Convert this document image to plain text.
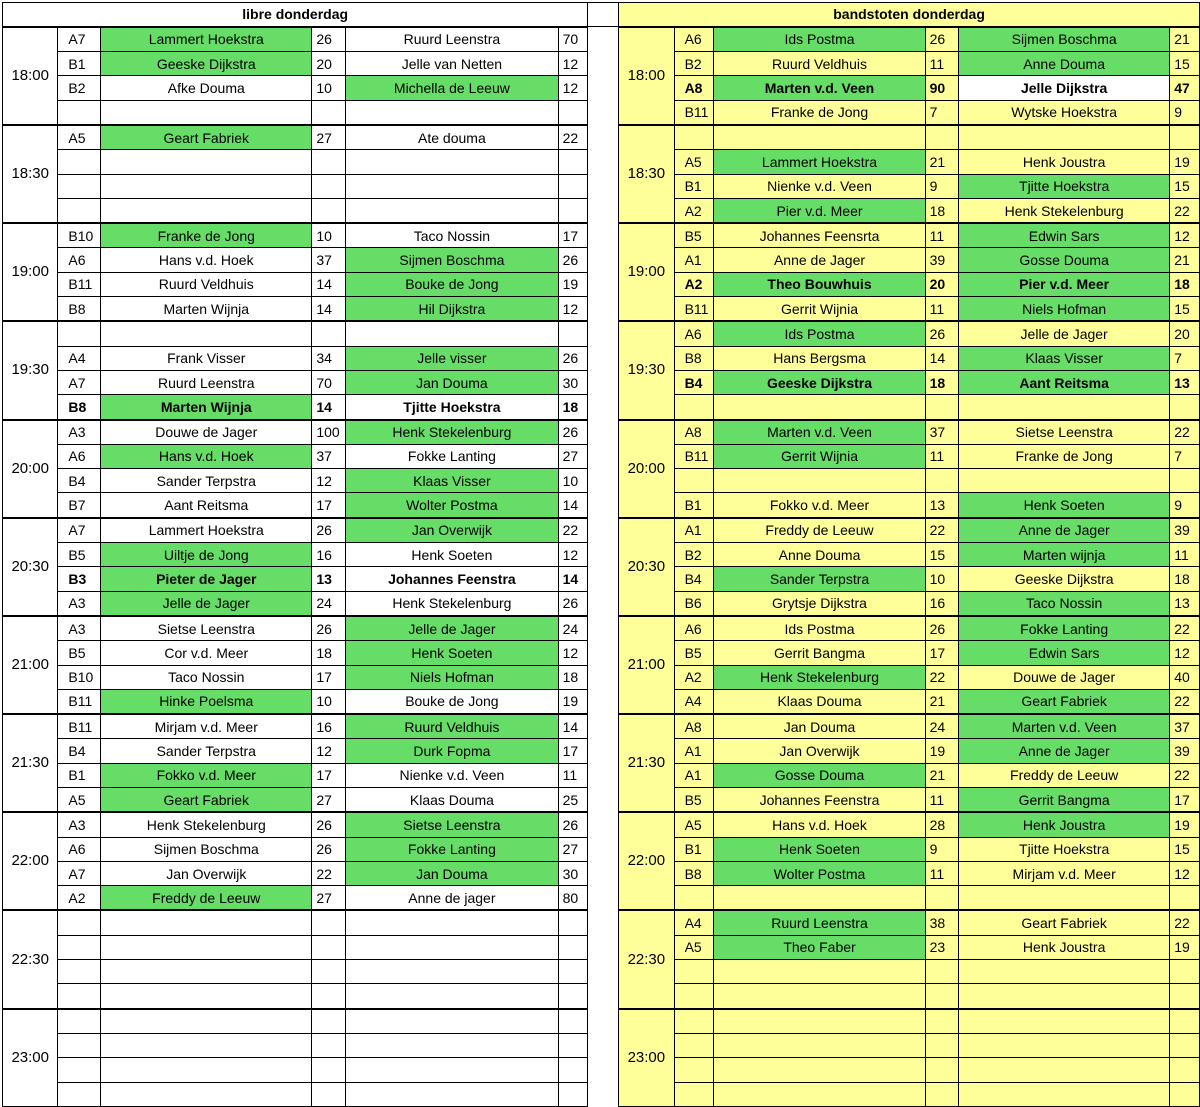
libre donderdag							bandstoten donderdag					
18:00	A7	Lammert Hoekstra	26	Ruurd Leenstra	70		18:00	A6	Ids Postma	26	Sijmen Boschma	21
	B1	Geeske Dijkstra	20	Jelle van Netten	12			B2	Ruurd Veldhuis	11	Anne Douma	15
	B2	Afke Douma	10	Michella de Leeuw	12			A8	Marten v.d. Veen	90	Jelle Dijkstra	47
								B11	Franke de Jong	7	Wytske Hoekstra	9
18:30	A5	Geart Fabriek	27	Ate douma	22		18:30					
								A5	Lammert Hoekstra	21	Henk Joustra	19
								B1	Nienke v.d. Veen	9	Tjitte Hoekstra	15
								A2	Pier v.d. Meer	18	Henk Stekelenburg	22
19:00	B10	Franke de Jong	10	Taco Nossin	17		19:00	B5	Johannes Feensrta	11	Edwin Sars	12
	A6	Hans v.d. Hoek	37	Sijmen Boschma	26			A1	Anne de Jager	39	Gosse Douma	21
	B11	Ruurd Veldhuis	14	Bouke de Jong	19			A2	Theo Bouwhuis	20	Pier v.d. Meer	18
	B8	Marten Wijnja	14	Hil Dijkstra	12			B11	Gerrit Wijnia	11	Niels Hofman	15
19:30							19:30	A6	Ids Postma	26	Jelle de Jager	20
	A4	Frank Visser	34	Jelle visser	26			B8	Hans Bergsma	14	Klaas Visser	7
	A7	Ruurd Leenstra	70	Jan Douma	30			B4	Geeske Dijkstra	18	Aant Reitsma	13
	B8	Marten Wijnja	14	Tjitte Hoekstra	18							
20:00	A3	Douwe de Jager	100	Henk Stekelenburg	26		20:00	A8	Marten v.d. Veen	37	Sietse Leenstra	22
	A6	Hans v.d. Hoek	37	Fokke Lanting	27			B11	Gerrit Wijnia	11	Franke de Jong	7
	B4	Sander Terpstra	12	Klaas Visser	10							
	B7	Aant Reitsma	17	Wolter Postma	14			B1	Fokko v.d. Meer	13	Henk Soeten	9
20:30	A7	Lammert Hoekstra	26	Jan Overwijk	22		20:30	A1	Freddy de Leeuw	22	Anne de Jager	39
	B5	Uiltje de Jong	16	Henk Soeten	12			B2	Anne Douma	15	Marten wijnja	11
	B3	Pieter de Jager	13	Johannes Feenstra	14			B4	Sander Terpstra	10	Geeske Dijkstra	18
	A3	Jelle de Jager	24	Henk Stekelenburg	26			B6	Grytsje Dijkstra	16	Taco Nossin	13
21:00	A3	Sietse Leenstra	26	Jelle de Jager	24		21:00	A6	Ids Postma	26	Fokke Lanting	22
	B5	Cor v.d. Meer	18	Henk Soeten	12			B5	Gerrit Bangma	17	Edwin Sars	12
	B10	Taco Nossin	17	Niels Hofman	18			A2	Henk Stekelenburg	22	Douwe de Jager	40
	B11	Hinke Poelsma	10	Bouke de Jong	19			A4	Klaas Douma	21	Geart Fabriek	22
21:30	B11	Mirjam v.d. Meer	16	Ruurd Veldhuis	14		21:30	A8	Jan Douma	24	Marten v.d. Veen	37
	B4	Sander Terpstra	12	Durk Fopma	17			A1	Jan Overwijk	19	Anne de Jager	39
	B1	Fokko v.d. Meer	17	Nienke v.d. Veen	11			A1	Gosse Douma	21	Freddy de Leeuw	22
	A5	Geart Fabriek	27	Klaas Douma	25			B5	Johannes Feenstra	11	Gerrit Bangma	17
22:00	A3	Henk Stekelenburg	26	Sietse Leenstra	26		22:00	A5	Hans v.d. Hoek	28	Henk Joustra	19
	A6	Sijmen Boschma	26	Fokke Lanting	27			B1	Henk Soeten	9	Tjitte Hoekstra	15
	A7	Jan Overwijk	22	Jan Douma	30			B8	Wolter Postma	11	Mirjam v.d. Meer	12
	A2	Freddy de Leeuw	27	Anne de jager	80							
22:30							22:30	A4	Ruurd Leenstra	38	Geart Fabriek	22
								A5	Theo Faber	23	Henk Joustra	19

23:00							23:00					
